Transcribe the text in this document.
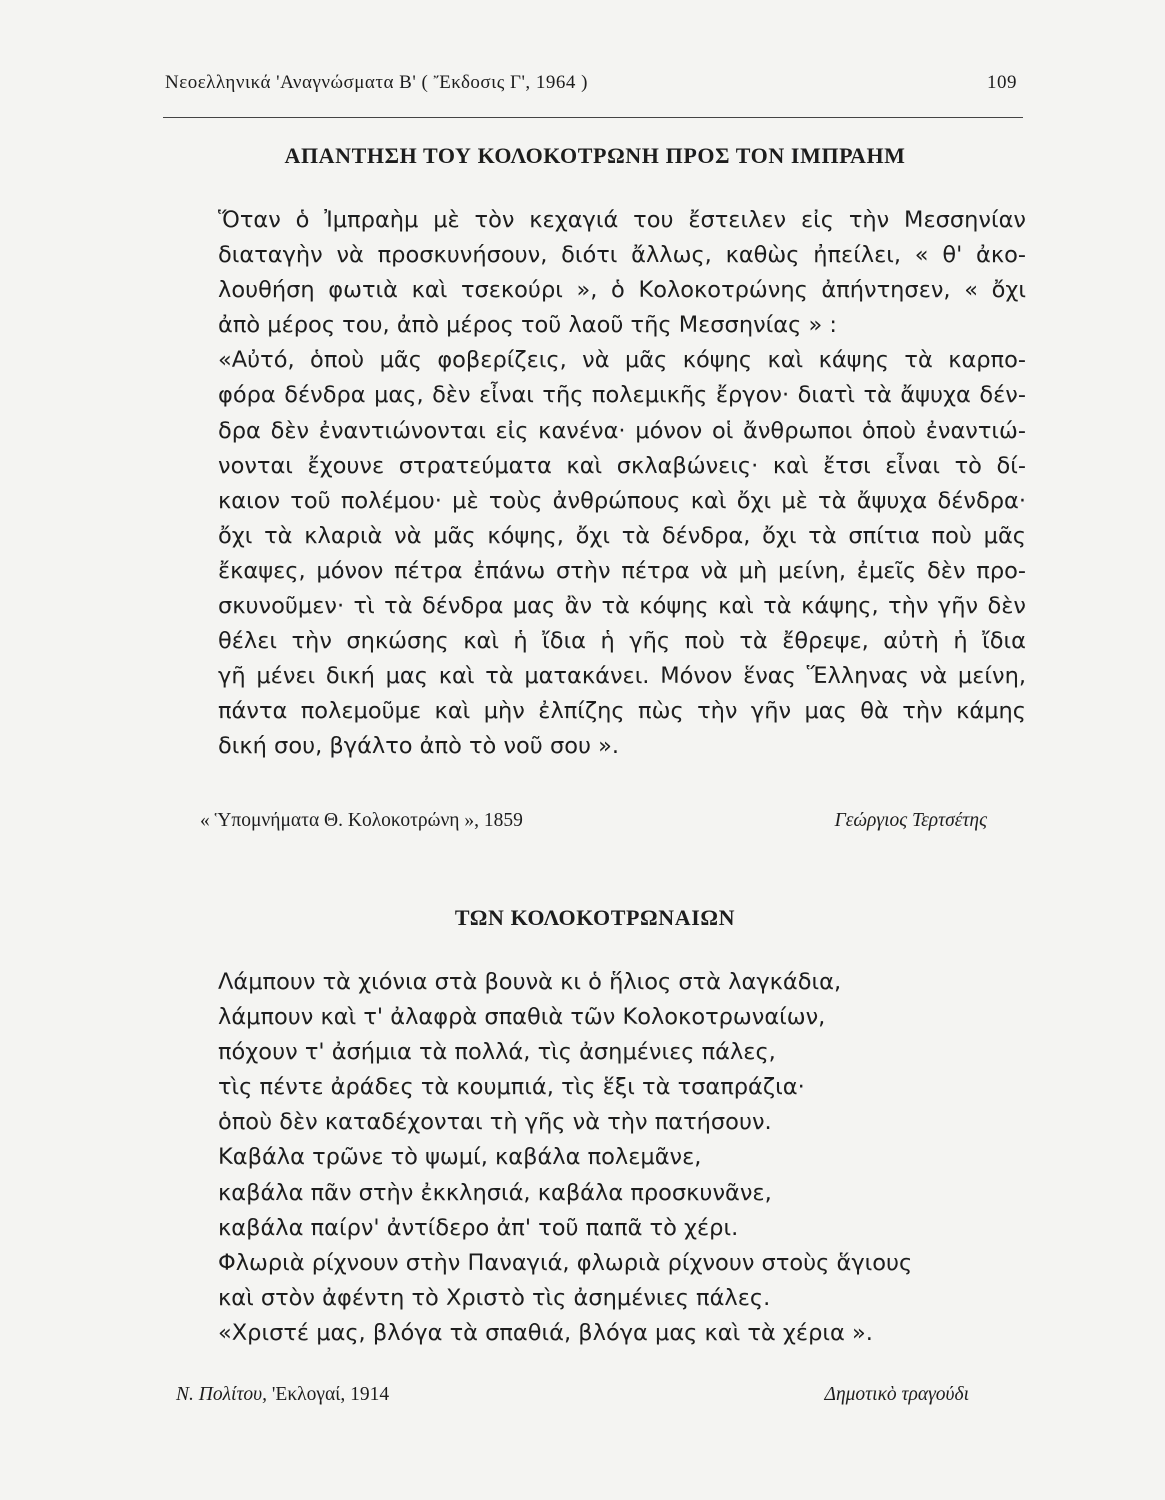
Νεοελληνικά 'Αναγνώσματα Β' ( Ἔκδοσις Γ', 1964 )	109
ΑΠΑΝΤΗΣΗ ΤΟΥ ΚΟΛΟΚΟΤΡΩΝΗ ΠΡΟΣ ΤΟΝ ΙΜΠΡΑΗΜ
Ὅταν ὁ Ἰμπραὴμ μὲ τὸν κεχαγιά του ἔστειλεν εἰς τὴν Μεσσηνίαν
διαταγὴν νὰ προσκυνήσουν, διότι ἄλλως, καθὼς ἠπείλει, « θ' ἀκο-
λουθήση φωτιὰ καὶ τσεκούρι », ὁ Κολοκοτρώνης ἀπήντησεν, « ὄχι
ἀπὸ μέρος του, ἀπὸ μέρος τοῦ λαοῦ τῆς Μεσσηνίας » :
«Αὐτό, ὁποὺ μᾶς φοβερίζεις, νὰ μᾶς κόψης καὶ κάψης τὰ καρπο-
φόρα δένδρα μας, δὲν εἶναι τῆς πολεμικῆς ἔργον· διατὶ τὰ ἄψυχα δέν-
δρα δὲν ἐναντιώνονται εἰς κανένα· μόνον οἱ ἄνθρωποι ὁποὺ ἐναντιώ-
νονται ἔχουνε στρατεύματα καὶ σκλαβώνεις· καὶ ἔτσι εἶναι τὸ δί-
καιον τοῦ πολέμου· μὲ τοὺς ἀνθρώπους καὶ ὄχι μὲ τὰ ἄψυχα δένδρα·
ὄχι τὰ κλαριὰ νὰ μᾶς κόψης, ὄχι τὰ δένδρα, ὄχι τὰ σπίτια ποὺ μᾶς
ἔκαψες, μόνον πέτρα ἐπάνω στὴν πέτρα νὰ μὴ μείνη, ἐμεῖς δὲν προ-
σκυνοῦμεν· τὶ τὰ δένδρα μας ἂν τὰ κόψης καὶ τὰ κάψης, τὴν γῆν δὲν
θέλει τὴν σηκώσης καὶ ἡ ἴδια ἡ γῆς ποὺ τὰ ἔθρεψε, αὐτὴ ἡ ἴδια
γῆ μένει δική μας καὶ τὰ ματακάνει. Μόνον ἕνας Ἕλληνας νὰ μείνη,
πάντα πολεμοῦμε καὶ μὴν ἐλπίζης πὼς τὴν γῆν μας θὰ τὴν κάμης
δική σου, βγάλτο ἀπὸ τὸ νοῦ σου ».
« Ὑπομνήματα Θ. Κολοκοτρώνη », 1859	Γεώργιος Τερτσέτης
ΤΩΝ ΚΟΛΟΚΟΤΡΩΝΑΙΩΝ
Λάμπουν τὰ χιόνια στὰ βουνὰ κι ὁ ἥλιος στὰ λαγκάδια,
λάμπουν καὶ τ' ἀλαφρὰ σπαθιὰ τῶν Κολοκοτρωναίων,
πόχουν τ' ἀσήμια τὰ πολλά, τὶς ἀσημένιες πάλες,
τὶς πέντε ἀράδες τὰ κουμπιά, τὶς ἕξι τὰ τσαπράζια·
ὁποὺ δὲν καταδέχονται τὴ γῆς νὰ τὴν πατήσουν.
Καβάλα τρῶνε τὸ ψωμί, καβάλα πολεμᾶνε,
καβάλα πᾶν στὴν ἐκκλησιά, καβάλα προσκυνᾶνε,
καβάλα παίρν' ἀντίδερο ἀπ' τοῦ παπᾶ τὸ χέρι.
Φλωριὰ ρίχνουν στὴν Παναγιά, φλωριὰ ρίχνουν στοὺς ἅγιους
καὶ στὸν ἀφέντη τὸ Χριστὸ τὶς ἀσημένιες πάλες.
«Χριστέ μας, βλόγα τὰ σπαθιά, βλόγα μας καὶ τὰ χέρια ».
Ν. Πολίτου, 'Εκλογαί, 1914	Δημοτικὸ τραγούδι
